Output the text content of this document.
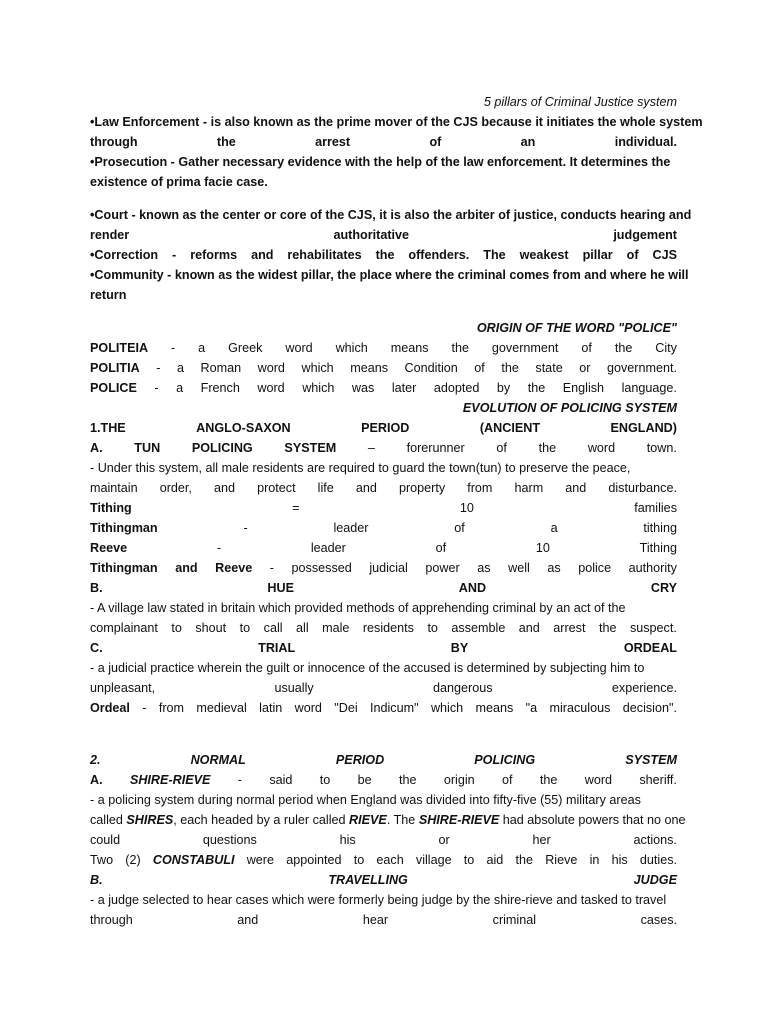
5 pillars of Criminal Justice system
•Law Enforcement - is also known as the prime mover of the CJS because it initiates the whole system
through	the	arrest	of	an	individual.
•Prosecution - Gather necessary evidence with the help of the law enforcement. It determines the
existence of prima facie case.
•Court - known as the center or core of the CJS, it is also the arbiter of justice, conducts hearing and
render	authoritative	judgement
•Correction - reforms and rehabilitates the offenders. The weakest pillar of CJS
•Community - known as the widest pillar, the place where the criminal comes from and where he will
return
ORIGIN OF THE WORD "POLICE"
POLITEIA - a Greek word which means the government of the City
POLITIA - a Roman word which means Condition of the state or government.
POLICE - a French word which was later adopted by the English language.
EVOLUTION OF POLICING SYSTEM
1.THE	ANGLO-SAXON	PERIOD	(ANCIENT	ENGLAND)
A.	TUN	POLICING	SYSTEM	–	forerunner	of	the	word	town.
- Under this system, all male residents are required to guard the town(tun) to preserve the peace,
maintain order, and protect life and property from harm and disturbance.
Tithing	=	10	families
Tithingman	-	leader	of	a	tithing
Reeve	-	leader	of	10	Tithing
Tithingman and Reeve - possessed judicial power as well as police authority
B.	HUE	AND	CRY
- A village law stated in britain which provided methods of apprehending criminal by an act of the
complainant to shout to call all male residents to assemble and arrest the suspect.
C.	TRIAL	BY	ORDEAL
- a judicial practice wherein the guilt or innocence of the accused is determined by subjecting him to
unpleasant,	usually	dangerous	experience.
Ordeal - from medieval latin word "Dei Indicum" which means "a miraculous decision".
2.	NORMAL	PERIOD	POLICING	SYSTEM
A. SHIRE-RIEVE - said to be the origin of the word sheriff.
- a policing system during normal period when England was divided into fifty-five (55) military areas
called SHIRES, each headed by a ruler called RIEVE. The SHIRE-RIEVE had absolute powers that no one
could	questions	his	or	her	actions.
Two (2) CONSTABULI were appointed to each village to aid the Rieve in his duties.
B.	TRAVELLING	JUDGE
- a judge selected to hear cases which were formerly being judge by the shire-rieve and tasked to travel
through	and	hear	criminal	cases.
